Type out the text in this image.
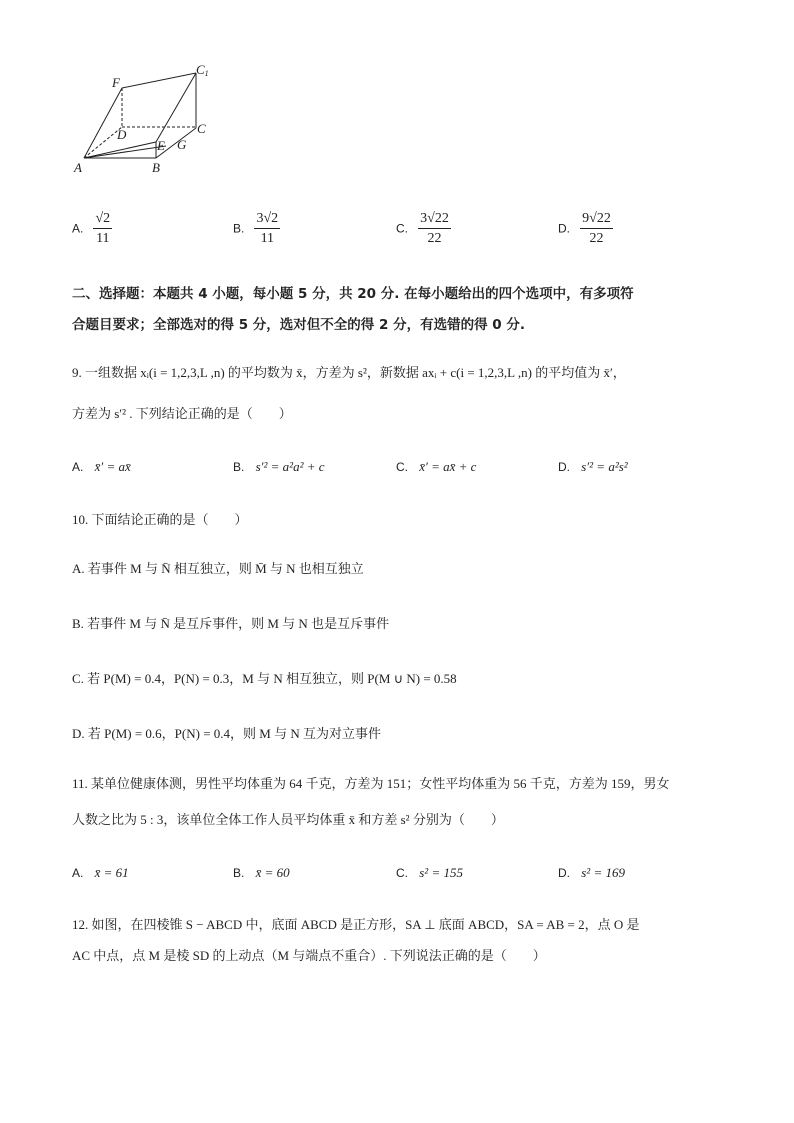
F
C1
D	C
E G
A	B
A. $\frac{√2}{11}$	B. $\frac{3√2}{11}$	C. $\frac{3√22}{22}$	D. $\frac{9√22}{22}$
二、选择题：本题共 4 小题，每小题 5 分，共 20 分. 在每小题给出的四个选项中，有多项符
合题目要求；全部选对的得 5 分，选对但不全的得 2 分，有选错的得 0 分.
9. 一组数据 xᵢ(i = 1,2,3,L ,n) 的平均数为 x̄，方差为 s²，新数据 axᵢ + c(i = 1,2,3,L ,n) 的平均值为 x̄′，
方差为 s′² . 下列结论正确的是（　　）
A. x̄′ = ax̄	B. s′² = a²a² + c	C. x̄′ = ax̄ + c	D. s′² = a²s²
10. 下面结论正确的是（　　）
A. 若事件 M 与 N̄ 相互独立，则 M̄ 与 N 也相互独立
B. 若事件 M 与 N̄ 是互斥事件，则 M 与 N 也是互斥事件
C. 若 P(M) = 0.4，P(N) = 0.3，M 与 N 相互独立，则 P(M ∪ N) = 0.58
D. 若 P(M) = 0.6，P(N) = 0.4，则 M 与 N 互为对立事件
11. 某单位健康体测，男性平均体重为 64 千克，方差为 151；女性平均体重为 56 千克，方差为 159，男女
人数之比为 5 : 3，该单位全体工作人员平均体重 x̄ 和方差 s² 分别为（　　）
A. x̄ = 61	B. x̄ = 60	C. s² = 155	D. s² = 169
12. 如图，在四棱锥 S − ABCD 中，底面 ABCD 是正方形，SA ⊥ 底面 ABCD，SA = AB = 2，点 O 是
AC 中点，点 M 是棱 SD 的上动点（M 与端点不重合）. 下列说法正确的是（　　）
